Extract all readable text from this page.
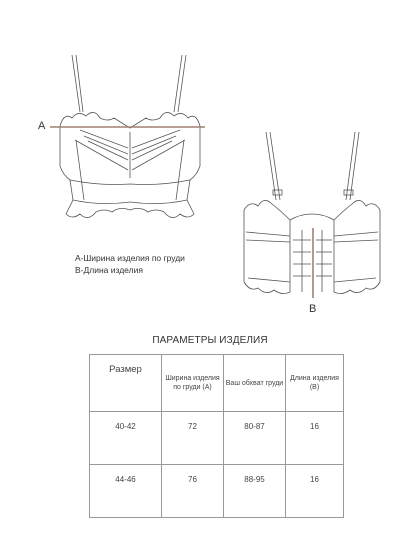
A
B
А-Ширина изделия по груди
В-Длина изделия
ПАРАМЕТРЫ ИЗДЕЛИЯ
Размер	Ширина изделия по груди (А)	Ваш обхват груди	Длина изделия (В)
40-42	72	80-87	16
44-46	76	88-95	16
